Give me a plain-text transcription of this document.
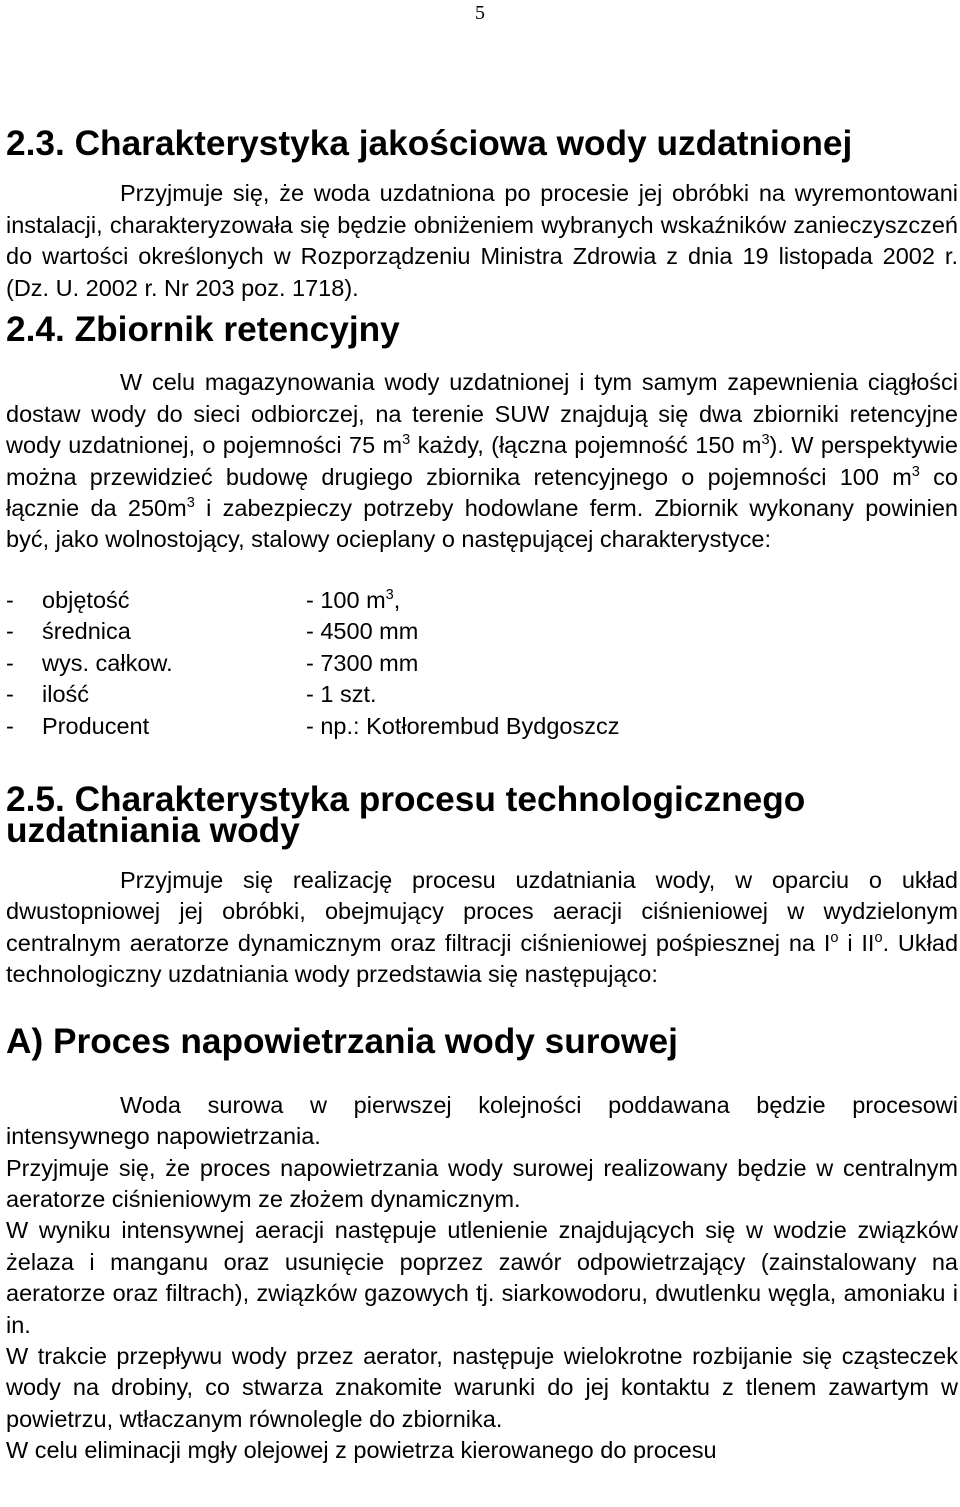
5
2.3. Charakterystyka jakościowa wody uzdatnionej

Przyjmuje się, że woda uzdatniona po procesie jej obróbki na wyremontowani instalacji, charakteryzowała się będzie obniżeniem wybranych wskaźników zanieczyszczeń do wartości określonych w Rozporządzeniu Ministra Zdrowia z dnia 19 listopada 2002 r.(Dz. U. 2002 r. Nr 203 poz. 1718).

2.4. Zbiornik retencyjny

W celu magazynowania wody uzdatnionej i tym samym zapewnienia ciągłości dostaw wody do sieci odbiorczej, na terenie SUW znajdują się dwa zbiorniki retencyjne wody uzdatnionej, o pojemności 75 $m^3$ każdy, (łączna pojemność 150 $m^3$). W perspektywie można przewidzieć budowę drugiego zbiornika retencyjnego o pojemności 100 $m^3$ co łącznie da $250m^3$ i zabezpieczy potrzeby hodowlane ferm. Zbiornik wykonany powinien być, jako wolnostojący, stalowy ocieplany o następującej charakterystyce:

-	objętość	- 100 $m^3$,
-	średnica	- 4500 mm
-	wys. całkow.	- 7300 mm
-	ilość	- 1 szt.
-	Producent	- np.: Kotłorembud Bydgoszcz
2.5. Charakterystyka procesu technologicznego uzdatniania wody

Przyjmuje się realizację procesu uzdatniania wody, w oparciu o układ dwustopniowej jej obróbki, obejmujący proces aeracji ciśnieniowej w wydzielonym centralnym aeratorze dynamicznym oraz filtracji ciśnieniowej pośpiesznej na $I^o$ i $II^o$. Układ technologiczny uzdatniania wody przedstawia się następująco:

A) Proces napowietrzania wody surowej

Woda surowa w pierwszej kolejności poddawana będzie procesowi intensywnego napowietrzania.

Przyjmuje się, że proces napowietrzania wody surowej realizowany będzie w centralnym aeratorze ciśnieniowym ze złożem dynamicznym.

W wyniku intensywnej aeracji następuje utlenienie znajdujących się w wodzie związków żelaza i manganu oraz usunięcie poprzez zawór odpowietrzający (zainstalowany na aeratorze oraz filtrach), związków gazowych tj. siarkowodoru, dwutlenku węgla, amoniaku i in.

W trakcie przepływu wody przez aerator, następuje wielokrotne rozbijanie się cząsteczek wody na drobiny, co stwarza znakomite warunki do jej kontaktu z tlenem zawartym w powietrzu, wtłaczanym równolegle do zbiornika.

W celu eliminacji mgły olejowej z powietrza kierowanego do procesu
